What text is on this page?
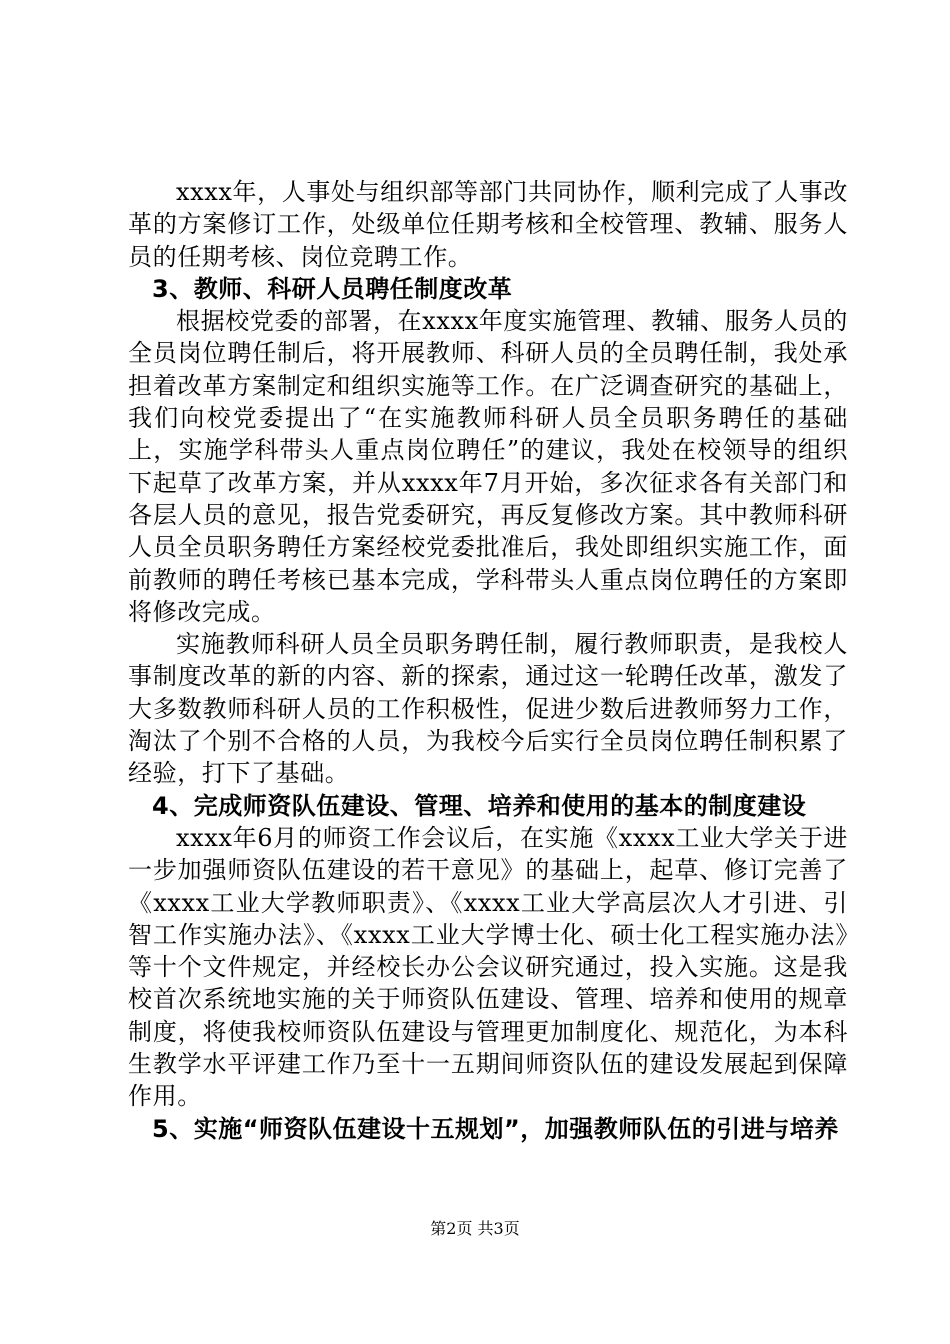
xxxx年，人事处与组织部等部门共同协作，顺利完成了人事改革的方案修订工作，处级单位任期考核和全校管理、教辅、服务人员的任期考核、岗位竞聘工作。

3、教师、科研人员聘任制度改革

根据校党委的部署，在xxxx年度实施管理、教辅、服务人员的全员岗位聘任制后，将开展教师、科研人员的全员聘任制，我处承担着改革方案制定和组织实施等工作。在广泛调查研究的基础上，我们向校党委提出了“在实施教师科研人员全员职务聘任的基础上，实施学科带头人重点岗位聘任”的建议，我处在校领导的组织下起草了改革方案，并从xxxx年7月开始，多次征求各有关部门和各层人员的意见，报告党委研究，再反复修改方案。其中教师科研人员全员职务聘任方案经校党委批准后，我处即组织实施工作，面前教师的聘任考核已基本完成，学科带头人重点岗位聘任的方案即将修改完成。

实施教师科研人员全员职务聘任制，履行教师职责，是我校人事制度改革的新的内容、新的探索，通过这一轮聘任改革，激发了大多数教师科研人员的工作积极性，促进少数后进教师努力工作，淘汰了个别不合格的人员，为我校今后实行全员岗位聘任制积累了经验，打下了基础。

4、完成师资队伍建设、管理、培养和使用的基本的制度建设

xxxx年6月的师资工作会议后，在实施《xxxx工业大学关于进一步加强师资队伍建设的若干意见》的基础上，起草、修订完善了《xxxx工业大学教师职责》、《xxxx工业大学高层次人才引进、引智工作实施办法》、《xxxx工业大学博士化、硕士化工程实施办法》等十个文件规定，并经校长办公会议研究通过，投入实施。这是我校首次系统地实施的关于师资队伍建设、管理、培养和使用的规章制度，将使我校师资队伍建设与管理更加制度化、规范化，为本科生教学水平评建工作乃至十一五期间师资队伍的建设发展起到保障作用。

5、实施“师资队伍建设十五规划”，加强教师队伍的引进与培养

第2页 共3页
